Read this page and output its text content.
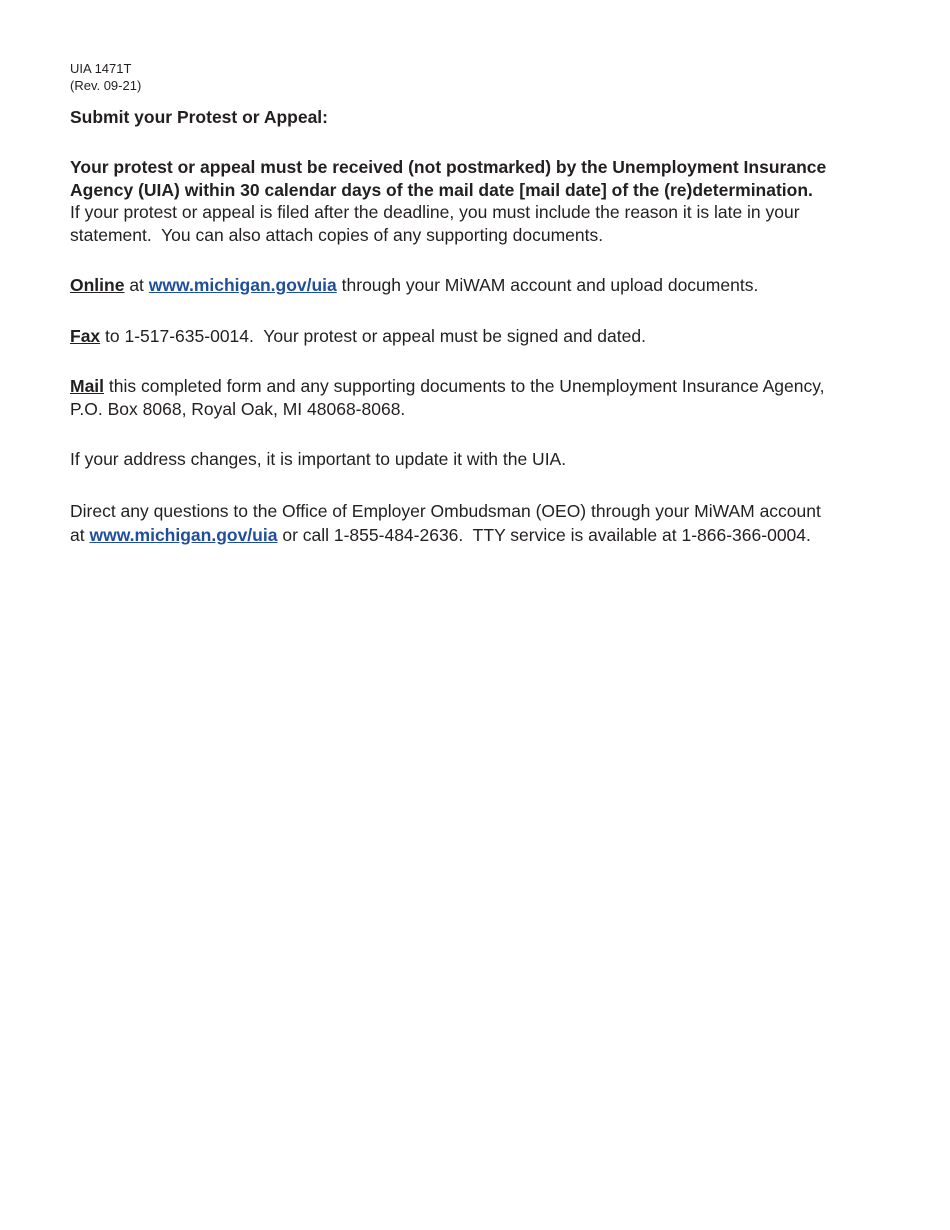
UIA 1471T
(Rev. 09-21)
Submit your Protest or Appeal:

Your protest or appeal must be received (not postmarked) by the Unemployment Insurance Agency (UIA) within 30 calendar days of the mail date [mail date] of the (re)determination.  If your protest or appeal is filed after the deadline, you must include the reason it is late in your statement.  You can also attach copies of any supporting documents.

Online at www.michigan.gov/uia through your MiWAM account and upload documents.

Fax to 1-517-635-0014.  Your protest or appeal must be signed and dated.

Mail this completed form and any supporting documents to the Unemployment Insurance Agency, P.O. Box 8068, Royal Oak, MI 48068-8068.

If your address changes, it is important to update it with the UIA.

Direct any questions to the Office of Employer Ombudsman (OEO) through your MiWAM account at www.michigan.gov/uia or call 1-855-484-2636.  TTY service is available at 1-866-366-0004.
